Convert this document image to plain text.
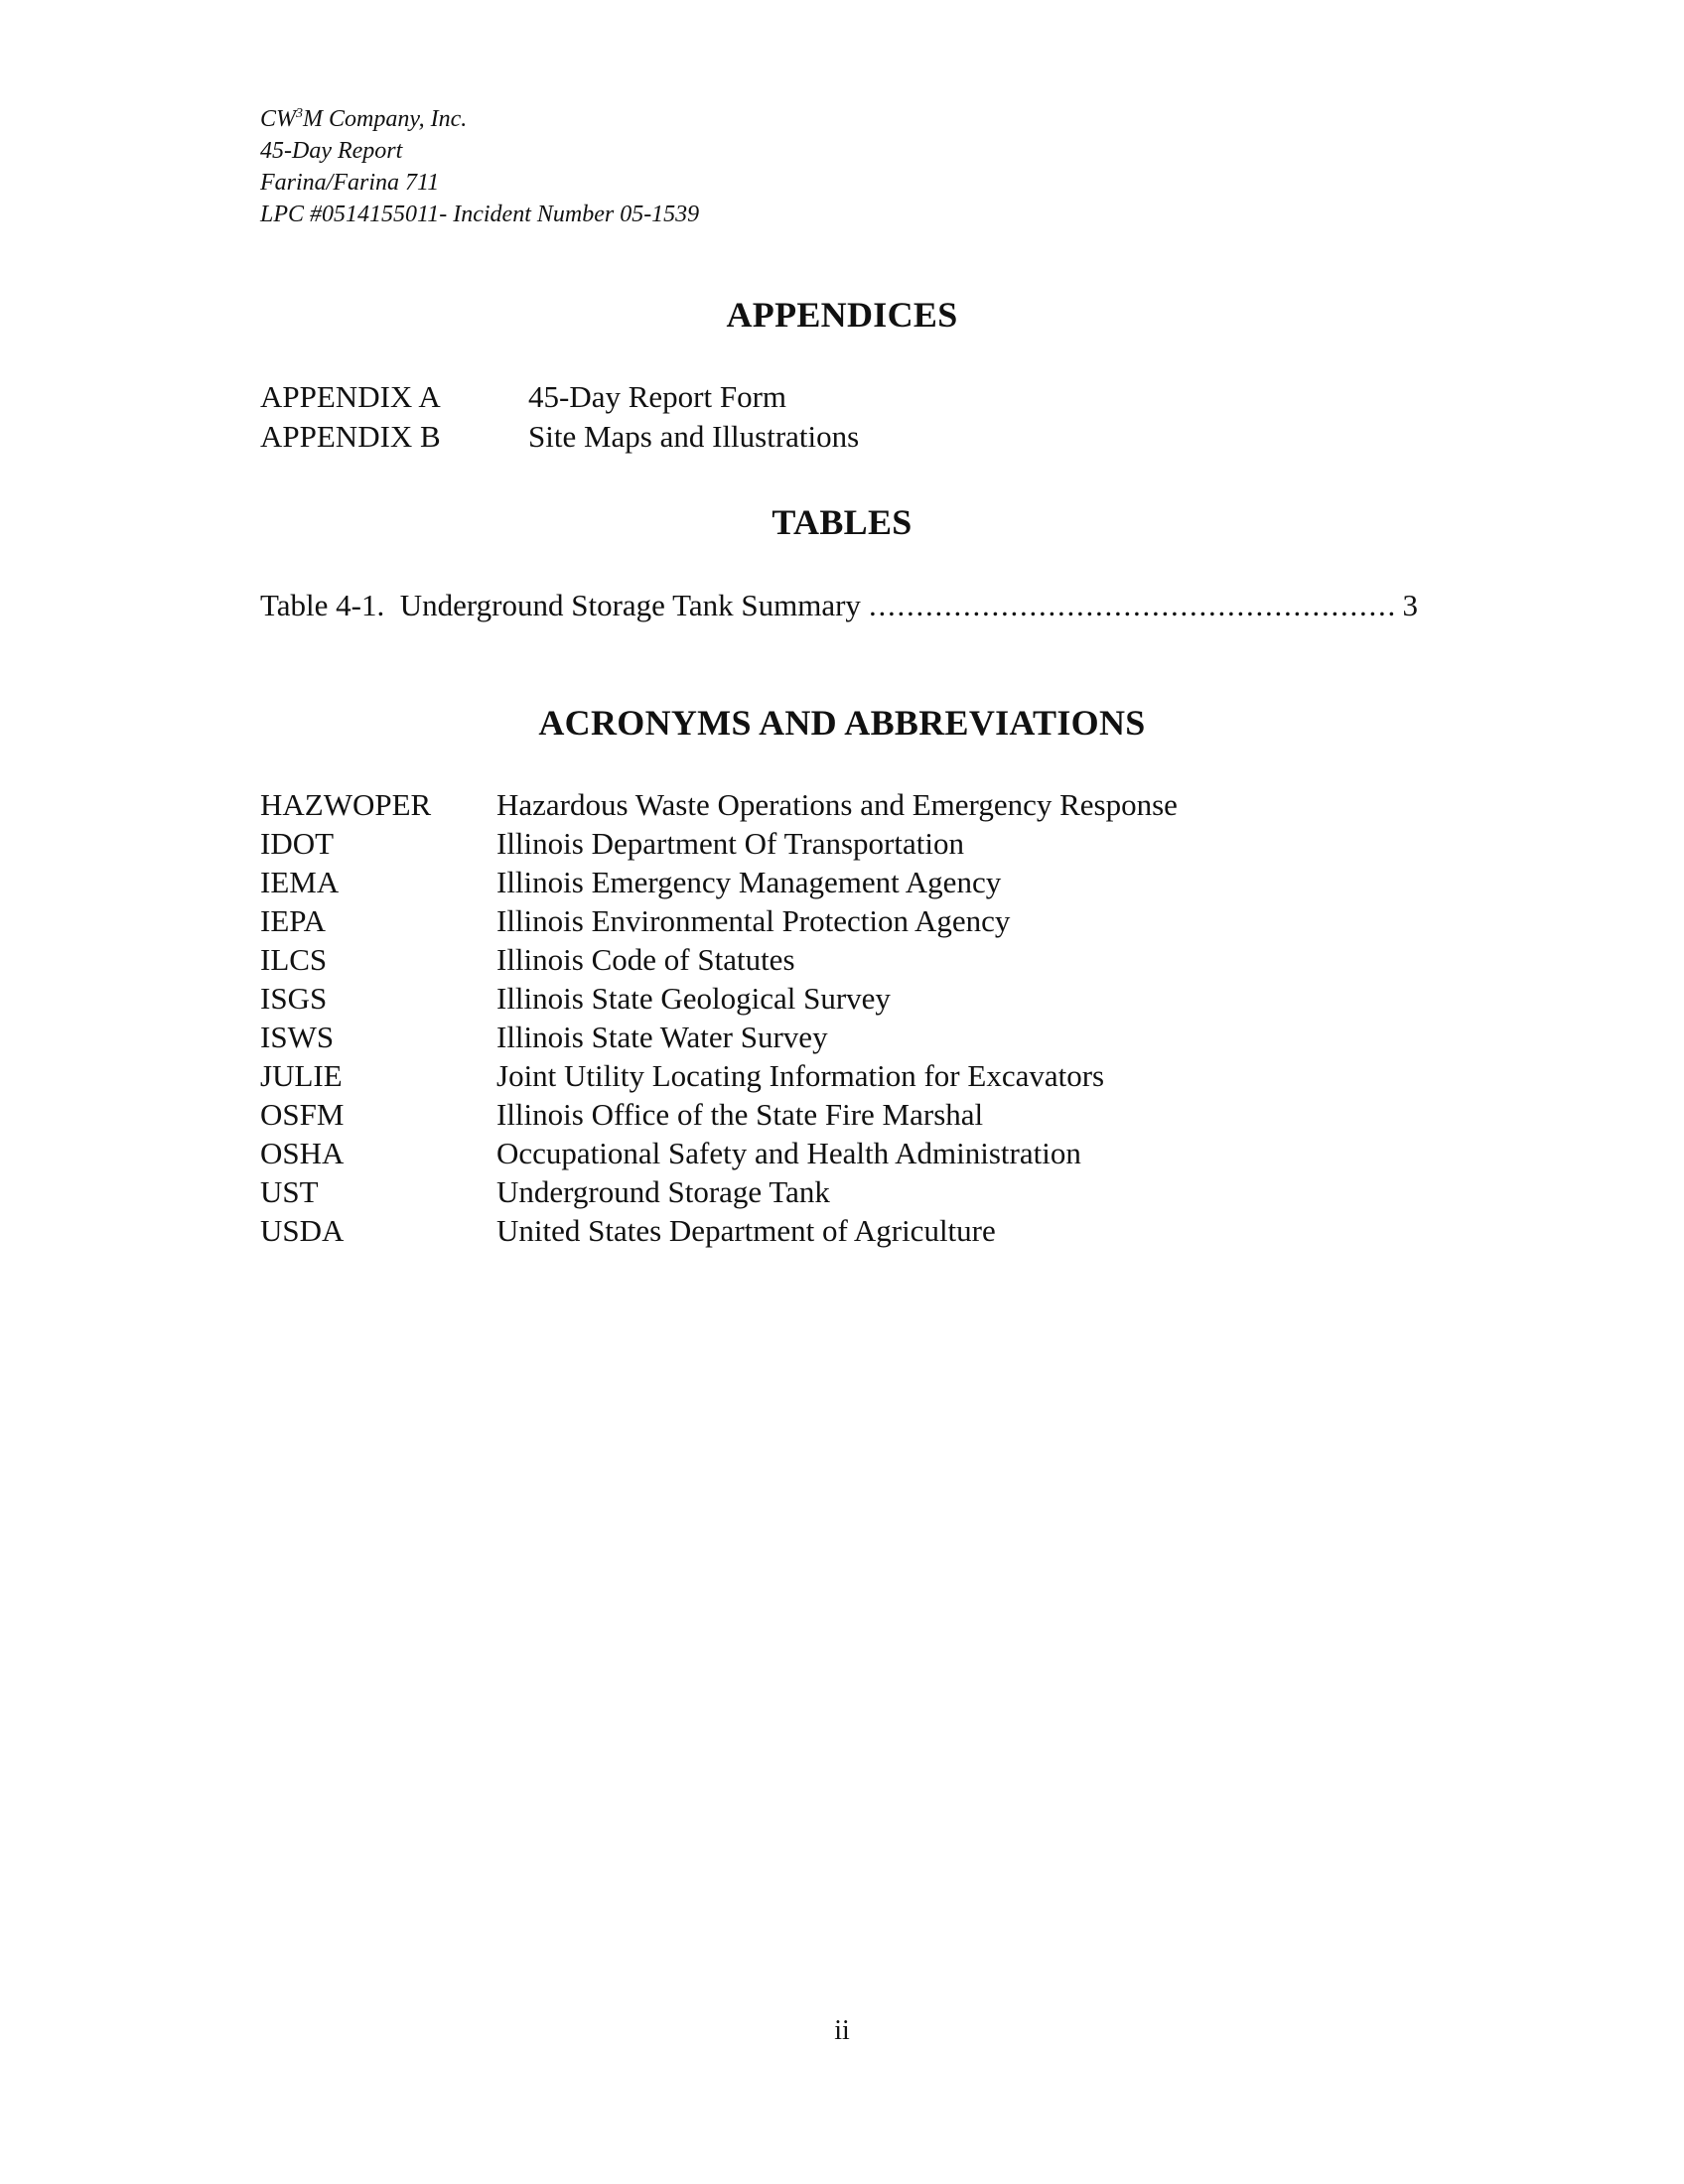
$CW^3M$ Company, Inc.
45-Day Report
Farina/Farina 711
LPC #0514155011- Incident Number 05-1539
APPENDICES
APPENDIX A	45-Day Report Form
APPENDIX B	Site Maps and Illustrations
TABLES
Table 4-1.  Underground Storage Tank Summary
. . .	3
ACRONYMS AND ABBREVIATIONS
HAZWOPER	Hazardous Waste Operations and Emergency Response
IDOT	Illinois Department Of Transportation
IEMA	Illinois Emergency Management Agency
IEPA	Illinois Environmental Protection Agency
ILCS	Illinois Code of Statutes
ISGS	Illinois State Geological Survey
ISWS	Illinois State Water Survey
JULIE	Joint Utility Locating Information for Excavators
OSFM	Illinois Office of the State Fire Marshal
OSHA	Occupational Safety and Health Administration
UST	Underground Storage Tank
USDA	United States Department of Agriculture
ii
